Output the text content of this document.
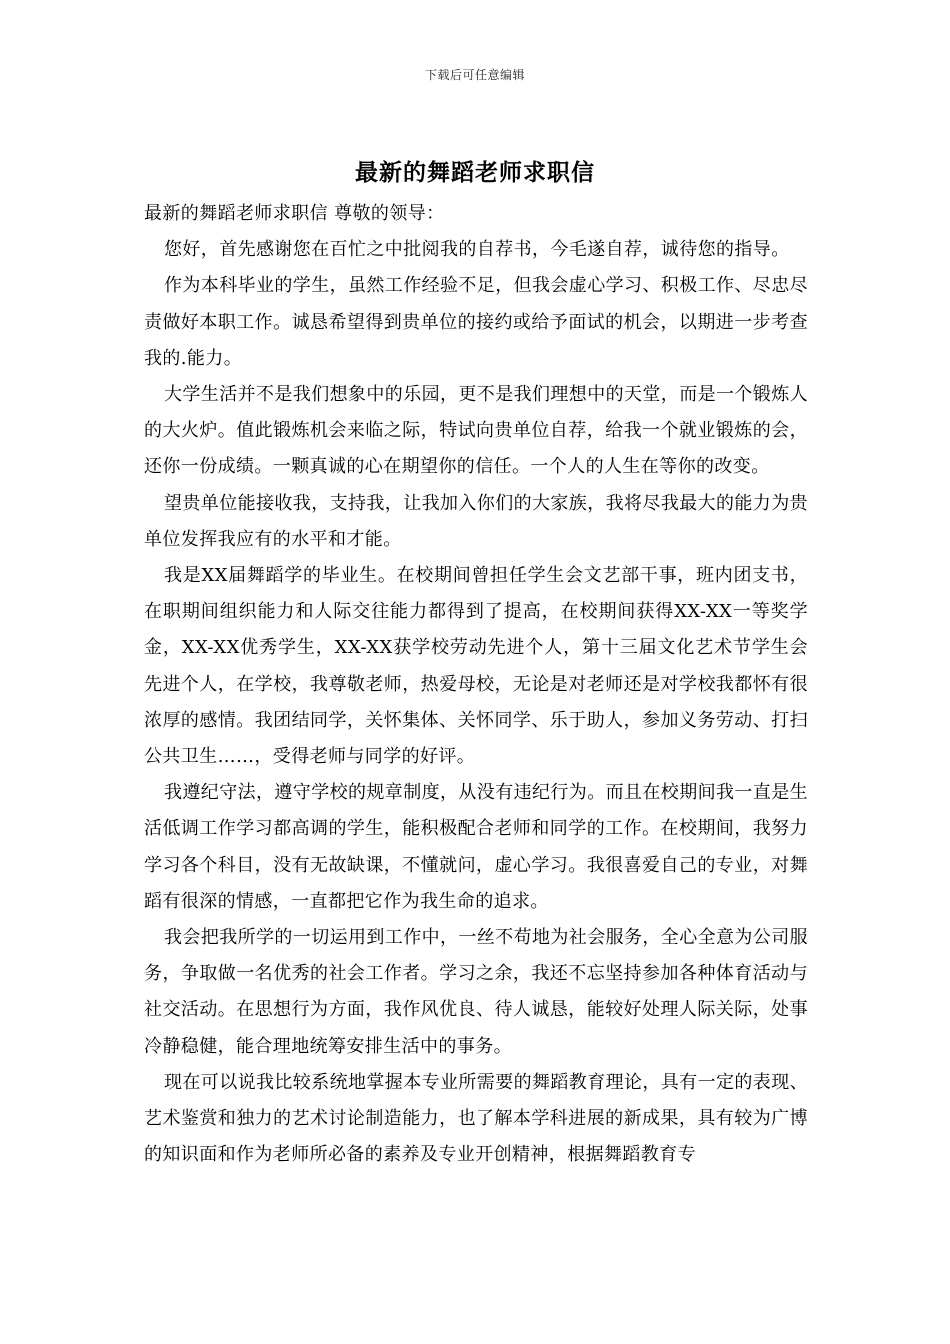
下载后可任意编辑
最新的舞蹈老师求职信

最新的舞蹈老师求职信 尊敬的领导：

您好，首先感谢您在百忙之中批阅我的自荐书，今毛遂自荐，诚待您的指导。

作为本科毕业的学生，虽然工作经验不足，但我会虚心学习、积极工作、尽忠尽责做好本职工作。诚恳希望得到贵单位的接约或给予面试的机会，以期进一步考查我的.能力。

大学生活并不是我们想象中的乐园，更不是我们理想中的天堂，而是一个锻炼人的大火炉。值此锻炼机会来临之际，特试向贵单位自荐，给我一个就业锻炼的会，还你一份成绩。一颗真诚的心在期望你的信任。一个人的人生在等你的改变。

望贵单位能接收我，支持我，让我加入你们的大家族，我将尽我最大的能力为贵单位发挥我应有的水平和才能。

我是XX届舞蹈学的毕业生。在校期间曾担任学生会文艺部干事，班内团支书，在职期间组织能力和人际交往能力都得到了提高，在校期间获得XX-XX一等奖学金，XX-XX优秀学生，XX-XX获学校劳动先进个人，第十三届文化艺术节学生会先进个人，在学校，我尊敬老师，热爱母校，无论是对老师还是对学校我都怀有很浓厚的感情。我团结同学，关怀集体、关怀同学、乐于助人，参加义务劳动、打扫公共卫生……，受得老师与同学的好评。

我遵纪守法，遵守学校的规章制度，从没有违纪行为。而且在校期间我一直是生活低调工作学习都高调的学生，能积极配合老师和同学的工作。在校期间，我努力学习各个科目，没有无故缺课，不懂就问，虚心学习。我很喜爱自己的专业，对舞蹈有很深的情感，一直都把它作为我生命的追求。

我会把我所学的一切运用到工作中，一丝不苟地为社会服务，全心全意为公司服务，争取做一名优秀的社会工作者。学习之余，我还不忘坚持参加各种体育活动与社交活动。在思想行为方面，我作风优良、待人诚恳，能较好处理人际关际，处事冷静稳健，能合理地统筹安排生活中的事务。

现在可以说我比较系统地掌握本专业所需要的舞蹈教育理论，具有一定的表现、艺术鉴赏和独力的艺术讨论制造能力，也了解本学科进展的新成果，具有较为广博的知识面和作为老师所必备的素养及专业开创精神，根据舞蹈教育专
